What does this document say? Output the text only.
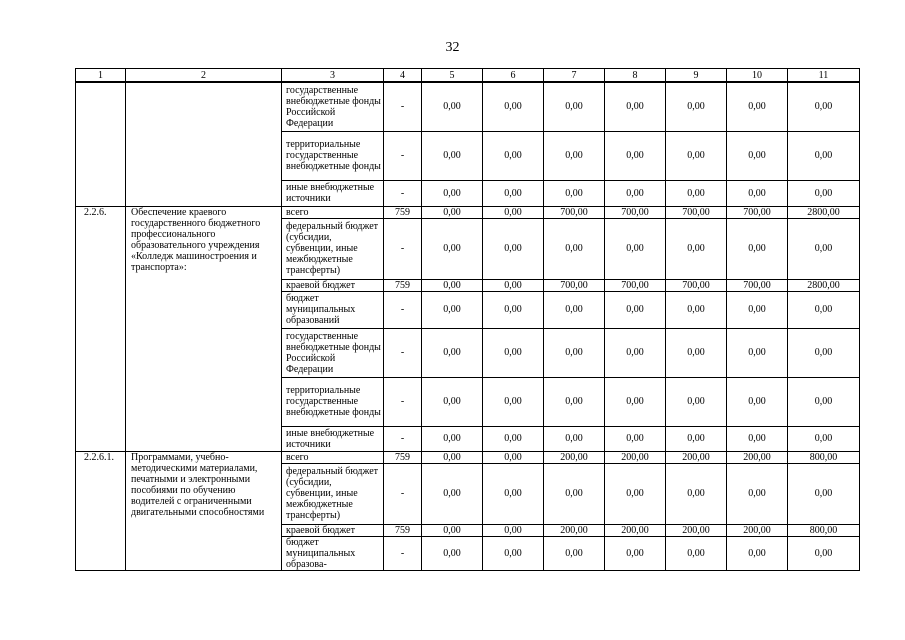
32
1	2	3	4	5	6	7	8	9	10	11
		государственные внебюджетные фонды Российской Федерации	-	0,00	0,00	0,00	0,00	0,00	0,00	0,00
		территориальные государственные внебюджетные фонды	-	0,00	0,00	0,00	0,00	0,00	0,00	0,00
		иные внебюджетные источники	-	0,00	0,00	0,00	0,00	0,00	0,00	0,00
2.2.6.	Обеспечение краевого государственного бюджетного профессионального образовательного учреждения «Колледж машиностроения и транспорта»:	всего	759	0,00	0,00	700,00	700,00	700,00	700,00	2800,00
		федеральный бюджет (субсидии, субвенции, иные межбюджетные трансферты)	-	0,00	0,00	0,00	0,00	0,00	0,00	0,00
		краевой бюджет	759	0,00	0,00	700,00	700,00	700,00	700,00	2800,00
		бюджет муниципальных образований	-	0,00	0,00	0,00	0,00	0,00	0,00	0,00
		государственные внебюджетные фонды Российской Федерации	-	0,00	0,00	0,00	0,00	0,00	0,00	0,00
		территориальные государственные внебюджетные фонды	-	0,00	0,00	0,00	0,00	0,00	0,00	0,00
		иные внебюджетные источники	-	0,00	0,00	0,00	0,00	0,00	0,00	0,00
2.2.6.1.	Программами, учебно-методическими материалами, печатными и электронными пособиями по обучению водителей с ограниченными двигательными способностями	всего	759	0,00	0,00	200,00	200,00	200,00	200,00	800,00
		федеральный бюджет (субсидии, субвенции, иные межбюджетные трансферты)	-	0,00	0,00	0,00	0,00	0,00	0,00	0,00
		краевой бюджет	759	0,00	0,00	200,00	200,00	200,00	200,00	800,00
		бюджет муниципальных образова-	-	0,00	0,00	0,00	0,00	0,00	0,00	0,00
